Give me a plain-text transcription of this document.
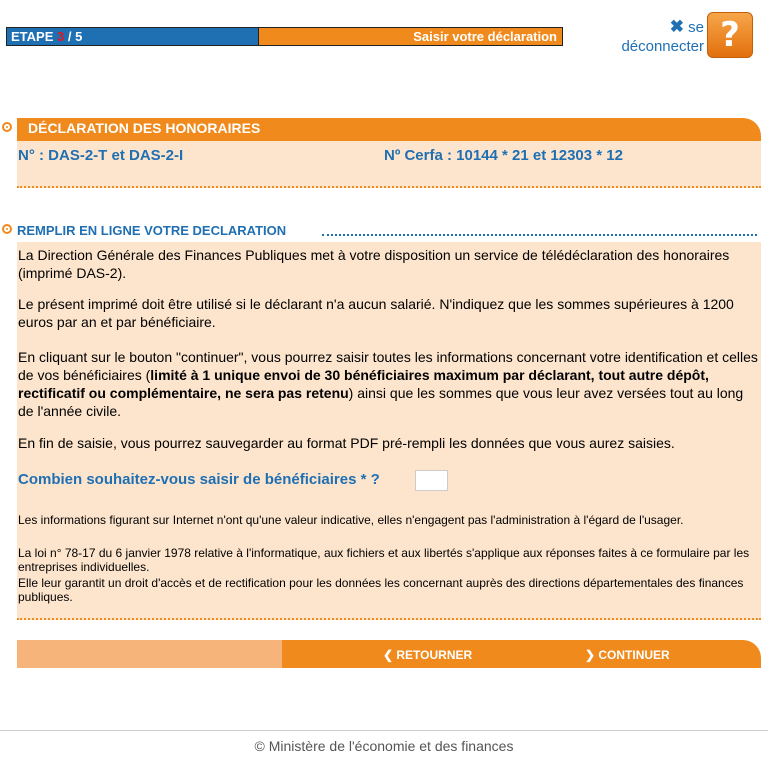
ETAPE 3 / 5	Saisir votre déclaration
✖ se
déconnecter ?
DÉCLARATION DES HONORAIRES
N° : DAS-2-T et DAS-2-I	Nº Cerfa : 10144 * 21 et 12303 * 12
REMPLIR EN LIGNE VOTRE DECLARATION
La Direction Générale des Finances Publiques met à votre disposition un service de télédéclaration des honoraires (imprimé DAS-2).
Le présent imprimé doit être utilisé si le déclarant n'a aucun salarié. N'indiquez que les sommes supérieures à 1200 euros par an et par bénéficiaire.
En cliquant sur le bouton "continuer", vous pourrez saisir toutes les informations concernant votre identification et celles de vos bénéficiaires (limité à 1 unique envoi de 30 bénéficiaires maximum par déclarant, tout autre dépôt, rectificatif ou complémentaire, ne sera pas retenu) ainsi que les sommes que vous leur avez versées tout au long de l'année civile.
En fin de saisie, vous pourrez sauvegarder au format PDF pré-rempli les données que vous aurez saisies.
Combien souhaitez-vous saisir de bénéficiaires * ?
Les informations figurant sur Internet n'ont qu'une valeur indicative, elles n'engagent pas l'administration à l'égard de l'usager.
La loi n° 78-17 du 6 janvier 1978 relative à l'informatique, aux fichiers et aux libertés s'applique aux réponses faites à ce formulaire par les entreprises individuelles.
Elle leur garantit un droit d'accès et de rectification pour les données les concernant auprès des directions départementales des finances publiques.
❮ RETOURNER	❯ CONTINUER
© Ministère de l'économie et des finances
